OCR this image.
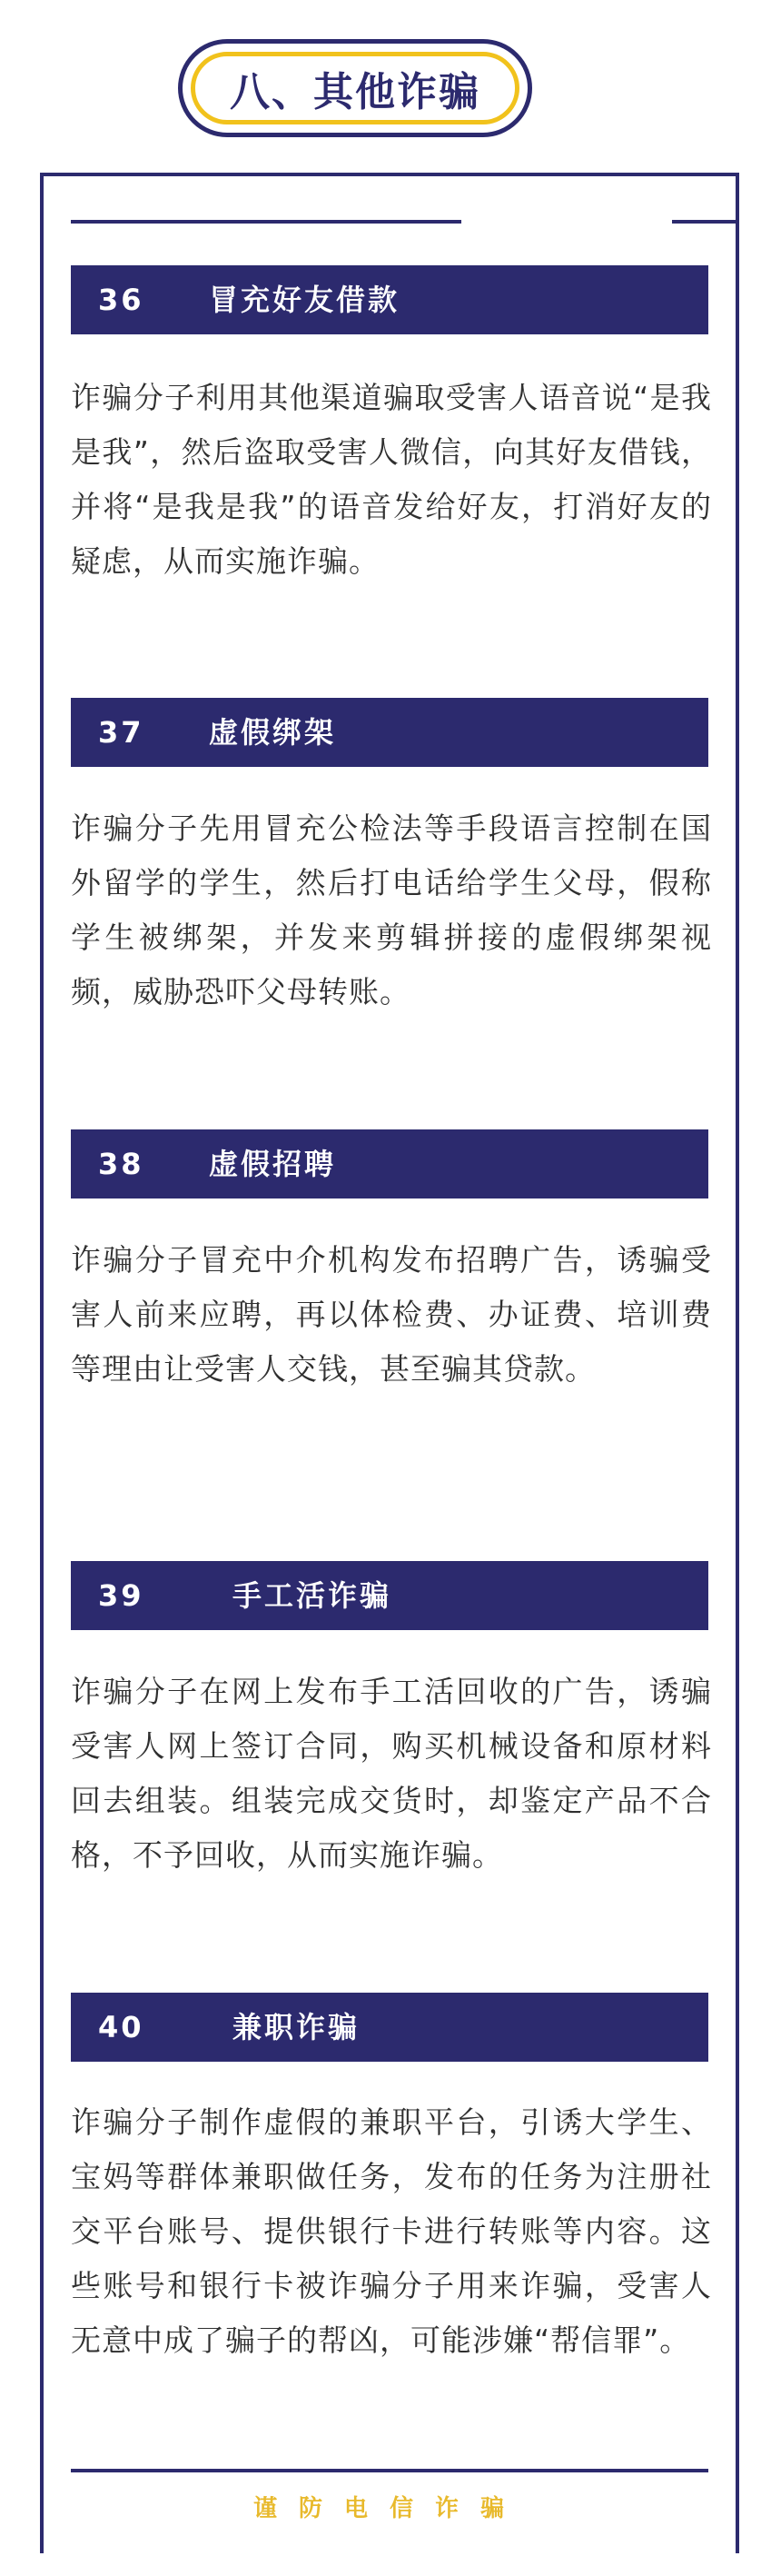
八、其他诈骗
36 冒充好友借款
诈骗分子利用其他渠道骗取受害人语音说“是我是我”，然后盗取受害人微信，向其好友借钱，并将“是我是我”的语音发给好友，打消好友的疑虑，从而实施诈骗。
37 虚假绑架
诈骗分子先用冒充公检法等手段语言控制在国外留学的学生，然后打电话给学生父母，假称学生被绑架，并发来剪辑拼接的虚假绑架视频，威胁恐吓父母转账。
38 虚假招聘
诈骗分子冒充中介机构发布招聘广告，诱骗受害人前来应聘，再以体检费、办证费、培训费等理由让受害人交钱，甚至骗其贷款。
39	手工活诈骗
诈骗分子在网上发布手工活回收的广告，诱骗受害人网上签订合同，购买机械设备和原材料回去组装。组装完成交货时，却鉴定产品不合格，不予回收，从而实施诈骗。
40	兼职诈骗
诈骗分子制作虚假的兼职平台，引诱大学生、宝妈等群体兼职做任务，发布的任务为注册社交平台账号、提供银行卡进行转账等内容。这些账号和银行卡被诈骗分子用来诈骗，受害人无意中成了骗子的帮凶，可能涉嫌“帮信罪”。
谨防电信诈骗
